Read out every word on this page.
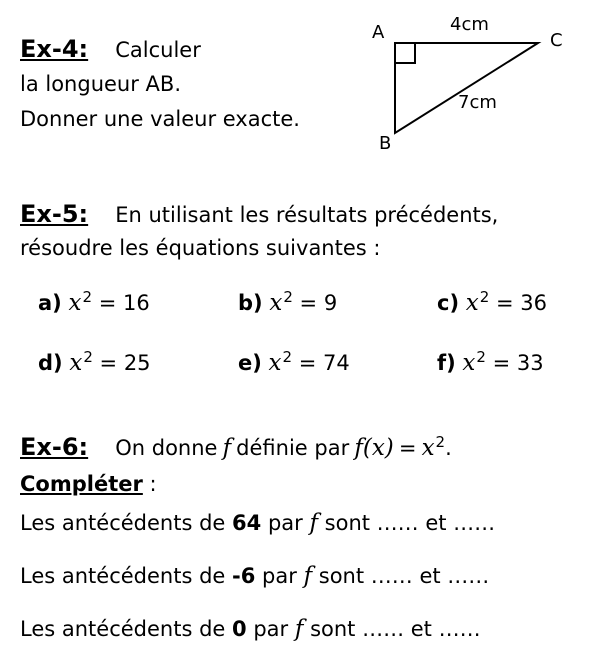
Ex-4: Calculer
la longueur AB.
Donner une valeur exacte.
A
B
C
4cm
7cm
Ex-5: En utilisant les résultats précédents,
résoudre les équations suivantes :
a) $x^2 = 16$	b) $x^2 = 9$	c) $x^2 = 36$
d) $x^2 = 25$	e) $x^2 = 74$	f) $x^2 = 33$
Ex-6: On donne f définie par f(x) = x2.
Compléter :
Les antécédents de 64 par f sont …… et ……
Les antécédents de -6 par f sont …… et ……
Les antécédents de 0 par f sont …… et ……
